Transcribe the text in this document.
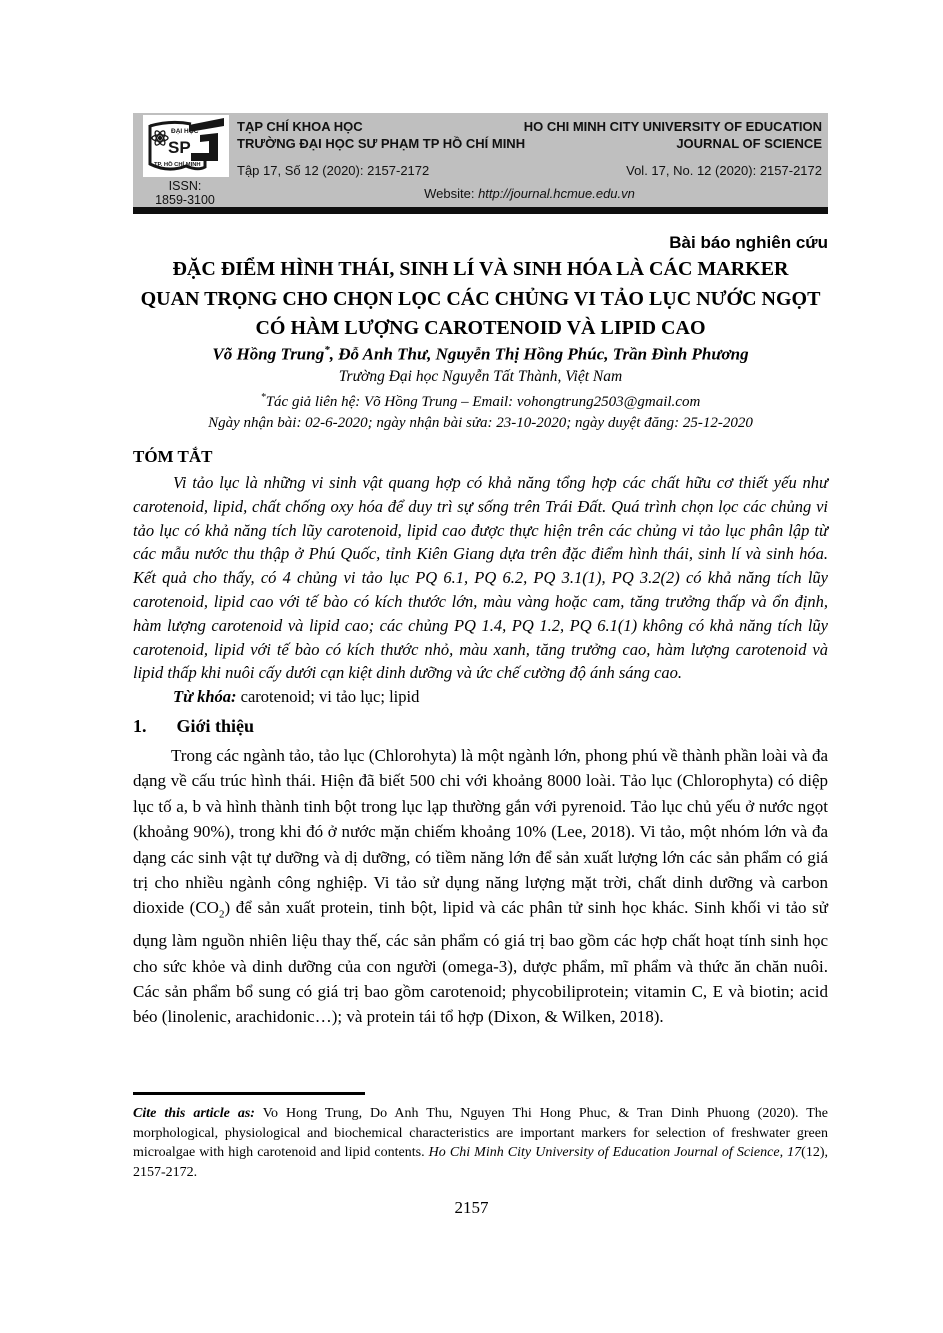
ĐẠI HỌC
SP
TP. HỒ CHÍ MINH
TẠP CHÍ KHOA HỌC
TRƯỜNG ĐẠI HỌC SƯ PHẠM TP HỒ CHÍ MINH
HO CHI MINH CITY UNIVERSITY OF EDUCATION
JOURNAL OF SCIENCE
Tập 17, Số 12 (2020): 2157-2172	Vol. 17, No. 12 (2020): 2157-2172
ISSN:
1859-3100	Website: http://journal.hcmue.edu.vn
Bài báo nghiên cứu
ĐẶC ĐIỂM HÌNH THÁI, SINH LÍ VÀ SINH HÓA LÀ CÁC MARKER
QUAN TRỌNG CHO CHỌN LỌC CÁC CHỦNG VI TẢO LỤC NƯỚC NGỌT
CÓ HÀM LƯỢNG CAROTENOID VÀ LIPID CAO
Võ Hồng Trung*, Đỗ Anh Thư, Nguyễn Thị Hồng Phúc, Trần Đình Phương
Trường Đại học Nguyễn Tất Thành, Việt Nam
*Tác giả liên hệ: Võ Hồng Trung – Email: vohongtrung2503@gmail.com
Ngày nhận bài: 02-6-2020; ngày nhận bài sửa: 23-10-2020; ngày duyệt đăng: 25-12-2020
TÓM TẮT
Vi tảo lục là những vi sinh vật quang hợp có khả năng tổng hợp các chất hữu cơ thiết yếu như carotenoid, lipid, chất chống oxy hóa để duy trì sự sống trên Trái Đất. Quá trình chọn lọc các chủng vi tảo lục có khả năng tích lũy carotenoid, lipid cao được thực hiện trên các chủng vi tảo lục phân lập từ các mẫu nước thu thập ở Phú Quốc, tỉnh Kiên Giang dựa trên đặc điểm hình thái, sinh lí và sinh hóa. Kết quả cho thấy, có 4 chủng vi tảo lục PQ 6.1, PQ 6.2, PQ 3.1(1), PQ 3.2(2) có khả năng tích lũy carotenoid, lipid cao với tế bào có kích thước lớn, màu vàng hoặc cam, tăng trưởng thấp và ổn định, hàm lượng carotenoid và lipid cao; các chủng PQ 1.4, PQ 1.2, PQ 6.1(1) không có khả năng tích lũy carotenoid, lipid với tế bào có kích thước nhỏ, màu xanh, tăng trưởng cao, hàm lượng carotenoid và lipid thấp khi nuôi cấy dưới cạn kiệt dinh dưỡng và ức chế cường độ ánh sáng cao.
Từ khóa: carotenoid; vi tảo lục; lipid
1. Giới thiệu
Trong các ngành tảo, tảo lục (Chlorohyta) là một ngành lớn, phong phú về thành phần loài và đa dạng về cấu trúc hình thái. Hiện đã biết 500 chi với khoảng 8000 loài. Tảo lục (Chlorophyta) có diệp lục tố a, b và hình thành tinh bột trong lục lạp thường gắn với pyrenoid. Tảo lục chủ yếu ở nước ngọt (khoảng 90%), trong khi đó ở nước mặn chiếm khoảng 10% (Lee, 2018). Vi tảo, một nhóm lớn và đa dạng các sinh vật tự dưỡng và dị dưỡng, có tiềm năng lớn để sản xuất lượng lớn các sản phẩm có giá trị cho nhiều ngành công nghiệp. Vi tảo sử dụng năng lượng mặt trời, chất dinh dưỡng và carbon dioxide $(CO_2)$ để sản xuất protein, tinh bột, lipid và các phân tử sinh học khác. Sinh khối vi tảo sử dụng làm nguồn nhiên liệu thay thế, các sản phẩm có giá trị bao gồm các hợp chất hoạt tính sinh học cho sức khỏe và dinh dưỡng của con người (omega-3), dược phẩm, mĩ phẩm và thức ăn chăn nuôi. Các sản phẩm bổ sung có giá trị bao gồm carotenoid; phycobiliprotein; vitamin C, E và biotin; acid béo (linolenic, arachidonic…); và protein tái tổ hợp (Dixon, & Wilken, 2018).
Cite this article as: Vo Hong Trung, Do Anh Thu, Nguyen Thi Hong Phuc, & Tran Dinh Phuong (2020). The morphological, physiological and biochemical characteristics are important markers for selection of freshwater green microalgae with high carotenoid and lipid contents. Ho Chi Minh City University of Education Journal of Science, 17(12), 2157-2172.
2157
